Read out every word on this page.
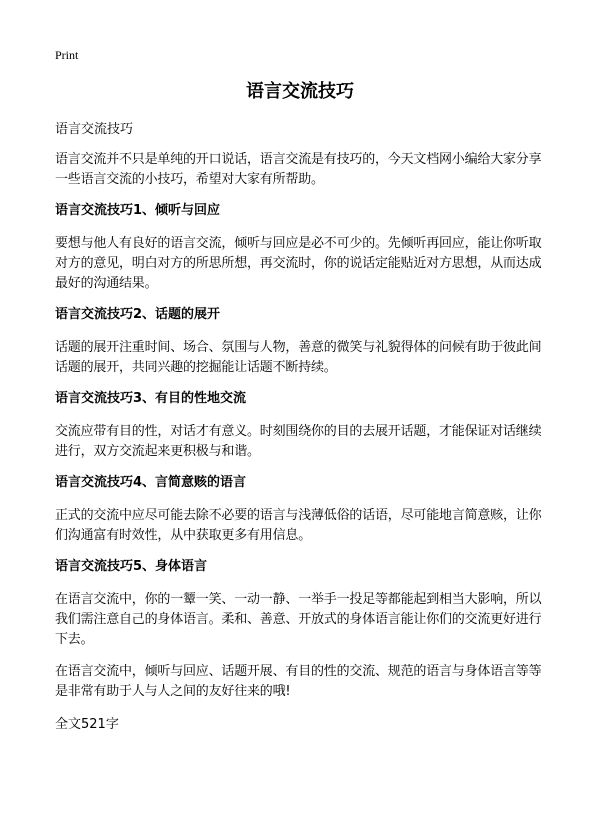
Print
语言交流技巧
语言交流技巧

语言交流并不只是单纯的开口说话，语言交流是有技巧的，今天文档网小编给大家分享一些语言交流的小技巧，希望对大家有所帮助。

语言交流技巧1、倾听与回应

要想与他人有良好的语言交流，倾听与回应是必不可少的。先倾听再回应，能让你听取对方的意见，明白对方的所思所想，再交流时，你的说话定能贴近对方思想，从而达成最好的沟通结果。

语言交流技巧2、话题的展开

话题的展开注重时间、场合、氛围与人物，善意的微笑与礼貌得体的问候有助于彼此间话题的展开，共同兴趣的挖掘能让话题不断持续。

语言交流技巧3、有目的性地交流

交流应带有目的性，对话才有意义。时刻围绕你的目的去展开话题，才能保证对话继续进行，双方交流起来更积极与和谐。

语言交流技巧4、言简意赅的语言

正式的交流中应尽可能去除不必要的语言与浅薄低俗的话语，尽可能地言简意赅，让你们沟通富有时效性，从中获取更多有用信息。

语言交流技巧5、身体语言

在语言交流中，你的一颦一笑、一动一静、一举手一投足等都能起到相当大影响，所以我们需注意自己的身体语言。柔和、善意、开放式的身体语言能让你们的交流更好进行下去。

在语言交流中，倾听与回应、话题开展、有目的性的交流、规范的语言与身体语言等等是非常有助于人与人之间的友好往来的哦!

全文521字
